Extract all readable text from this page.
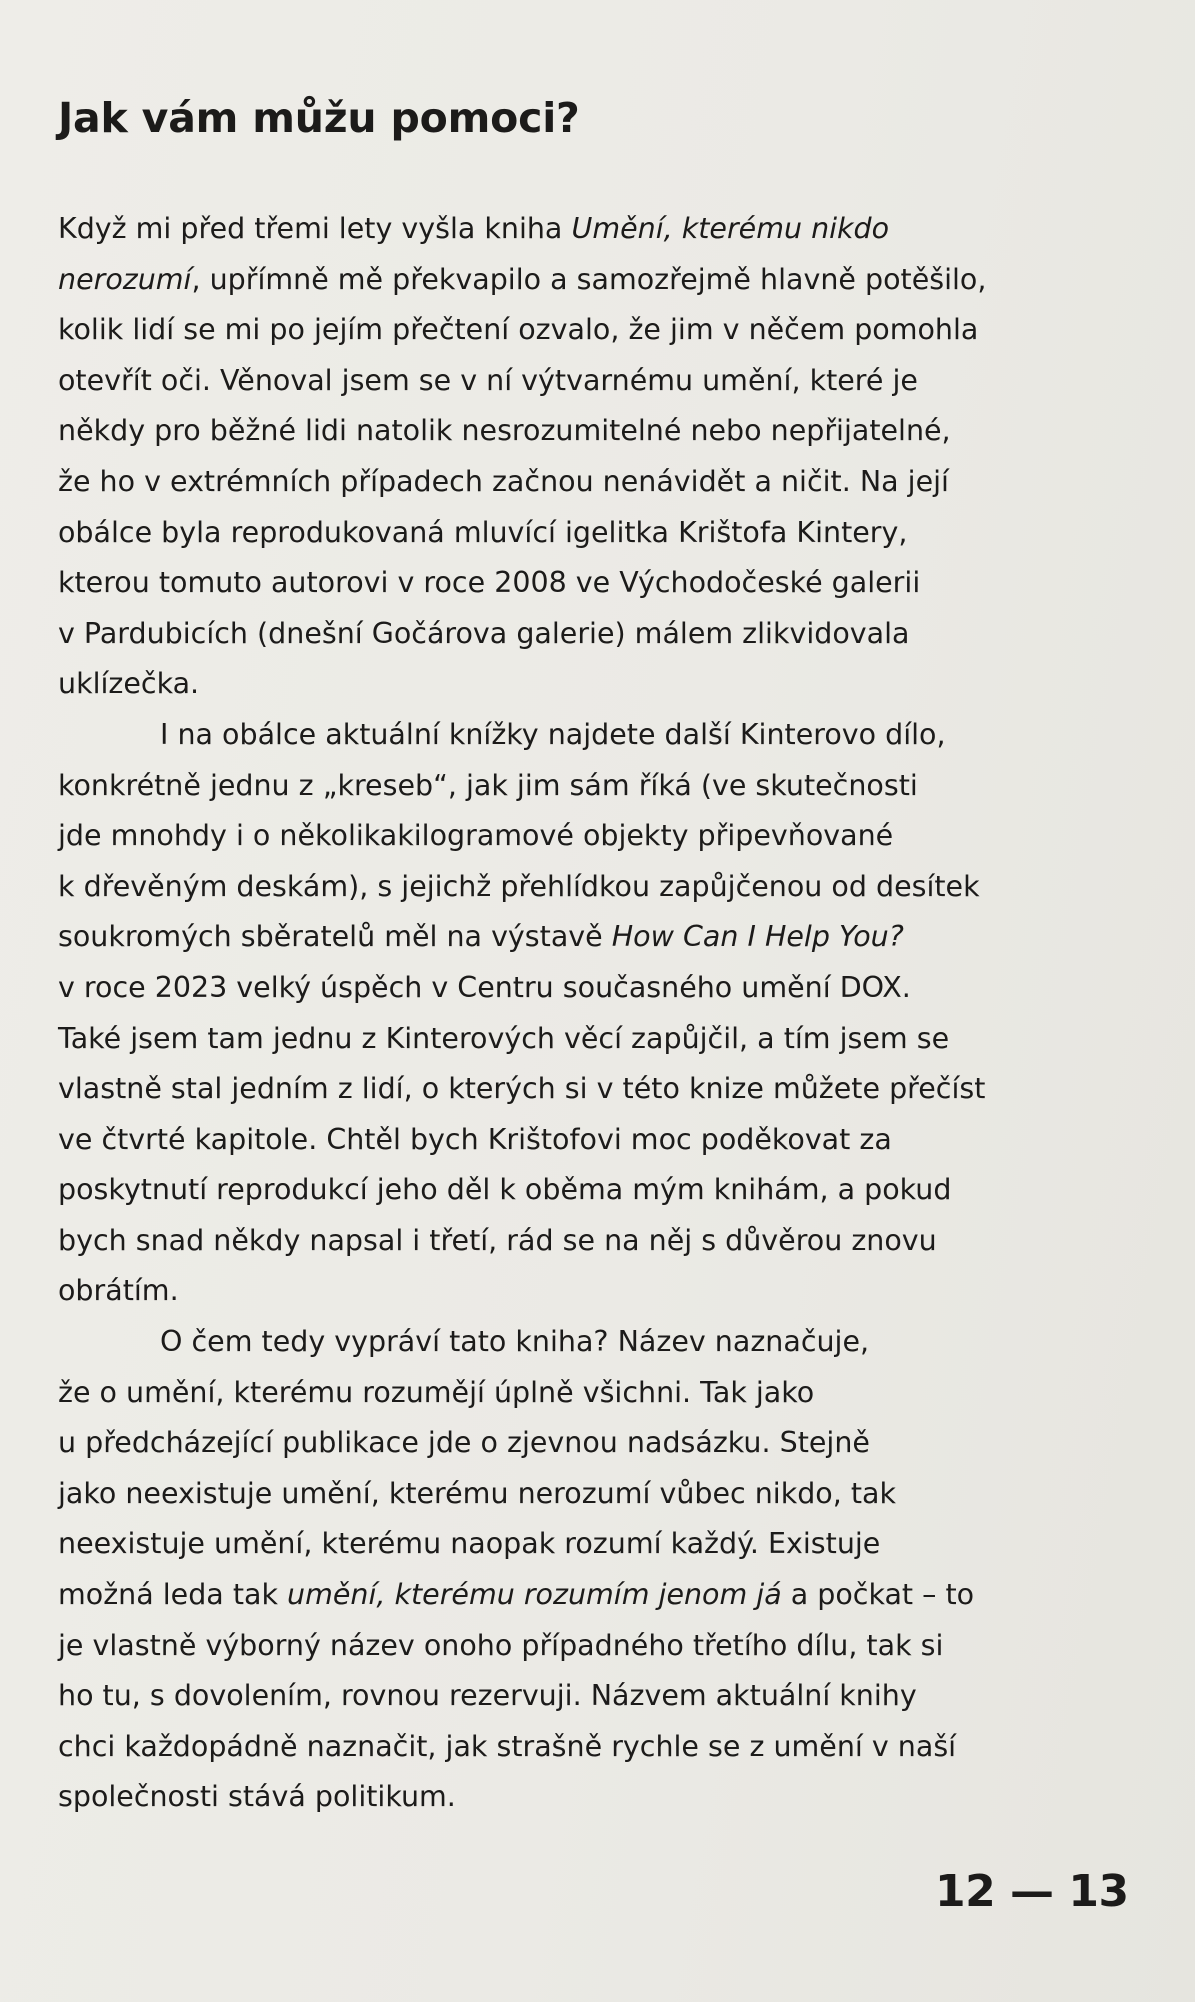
Jak vám můžu pomoci?

Když mi před třemi lety vyšla kniha Umění, kterému nikdo
nerozumí, upřímně mě překvapilo a samozřejmě hlavně potěšilo,
kolik lidí se mi po jejím přečtení ozvalo, že jim v něčem pomohla
otevřít oči. Věnoval jsem se v ní výtvarnému umění, které je
někdy pro běžné lidi natolik nesrozumitelné nebo nepřijatelné,
že ho v extrémních případech začnou nenávidět a ničit. Na její
obálce byla reprodukovaná mluvící igelitka Krištofa Kintery,
kterou tomuto autorovi v roce 2008 ve Východočeské galerii
v Pardubicích (dnešní Gočárova galerie) málem zlikvidovala
uklízečka.

I na obálce aktuální knížky najdete další Kinterovo dílo,
konkrétně jednu z „kreseb“, jak jim sám říká (ve skutečnosti
jde mnohdy i o několikakilogramové objekty připevňované
k dřevěným deskám), s jejichž přehlídkou zapůjčenou od desítek
soukromých sběratelů měl na výstavě How Can I Help You?
v roce 2023 velký úspěch v Centru současného umění DOX.
Také jsem tam jednu z Kinterových věcí zapůjčil, a tím jsem se
vlastně stal jedním z lidí, o kterých si v této knize můžete přečíst
ve čtvrté kapitole. Chtěl bych Krištofovi moc poděkovat za
poskytnutí reprodukcí jeho děl k oběma mým knihám, a pokud
bych snad někdy napsal i třetí, rád se na něj s důvěrou znovu
obrátím.

O čem tedy vypráví tato kniha? Název naznačuje,
že o umění, kterému rozumějí úplně všichni. Tak jako
u předcházející publikace jde o zjevnou nadsázku. Stejně
jako neexistuje umění, kterému nerozumí vůbec nikdo, tak
neexistuje umění, kterému naopak rozumí každý. Existuje
možná leda tak umění, kterému rozumím jenom já a počkat – to
je vlastně výborný název onoho případného třetího dílu, tak si
ho tu, s dovolením, rovnou rezervuji. Názvem aktuální knihy
chci každopádně naznačit, jak strašně rychle se z umění v naší
společnosti stává politikum.

12 — 13
